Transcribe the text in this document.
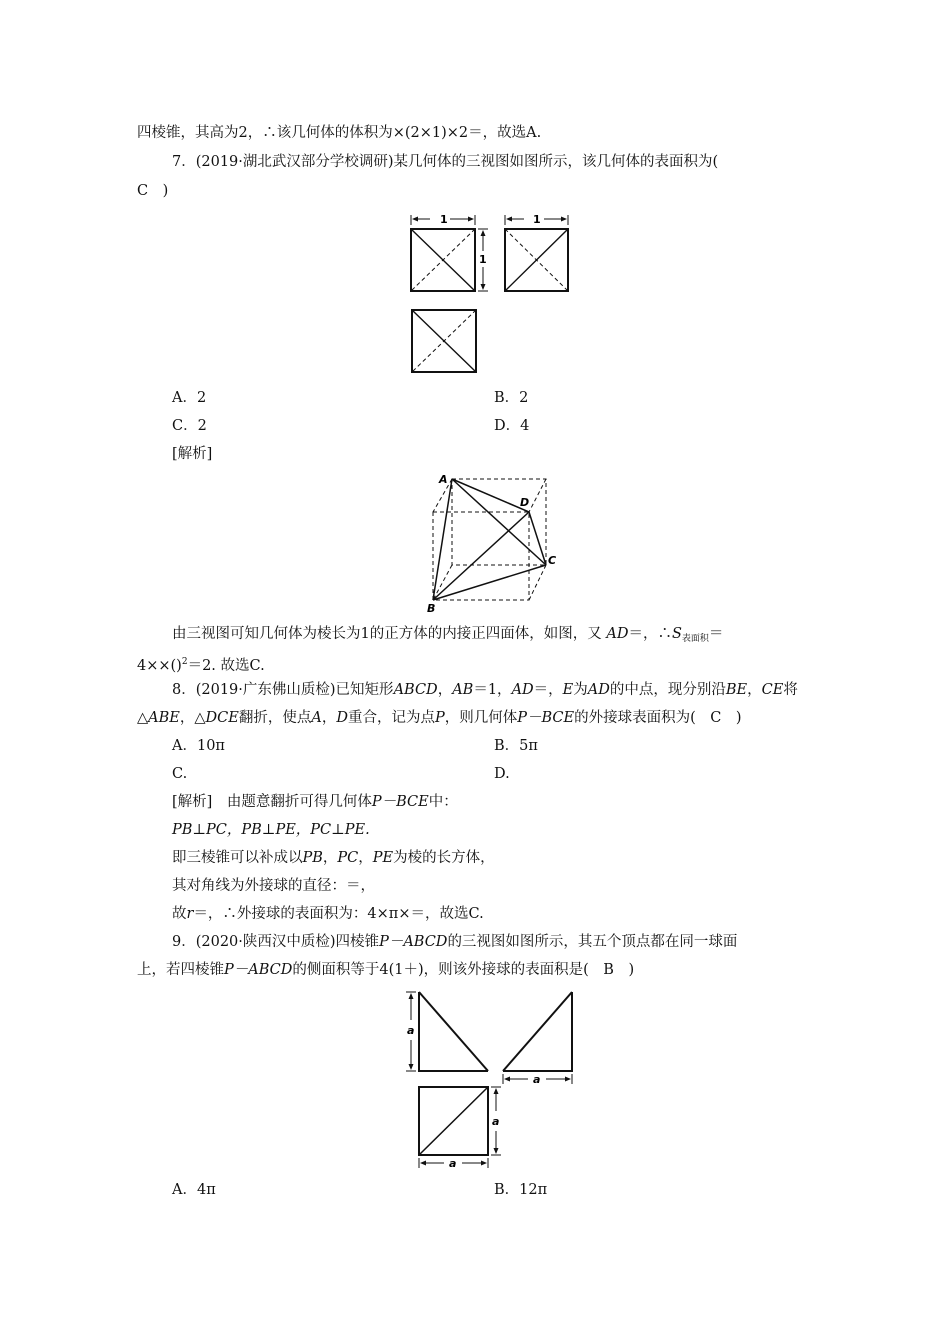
四棱锥，其高为2，∴该几何体的体积为×(2×1)×2＝，故选A.
7．(2019·湖北武汉部分学校调研)某几何体的三视图如图所示，该几何体的表面积为(
C　)
1	1
1
A．2	B．2
C．2	D．4
[解析]
A
B
C
D
由三视图可知几何体为棱长为1的正方体的内接正四面体，如图，又 AD＝，$\therefore S_{表面积}=$
4××()$^2$＝2. 故选C.
8．(2019·广东佛山质检)已知矩形ABCD，AB＝1，AD＝，E为AD的中点，现分别沿BE，CE将
△ABE，△DCE翻折，使点A，D重合，记为点P，则几何体P－BCE的外接球表面积为(　C　)
A．10π	B．5π
C.	D.
[解析]　由题意翻折可得几何体P－BCE中：
PB⊥PC，PB⊥PE，PC⊥PE.
即三棱锥可以补成以PB，PC，PE为棱的长方体，
其对角线为外接球的直径：＝，
故r＝，∴外接球的表面积为：4×π×＝，故选C.
9．(2020·陕西汉中质检)四棱锥P－ABCD的三视图如图所示，其五个顶点都在同一球面
上，若四棱锥P－ABCD的侧面积等于4(1＋)，则该外接球的表面积是(　B　)
a
a
a
a
A．4π	B．12π
